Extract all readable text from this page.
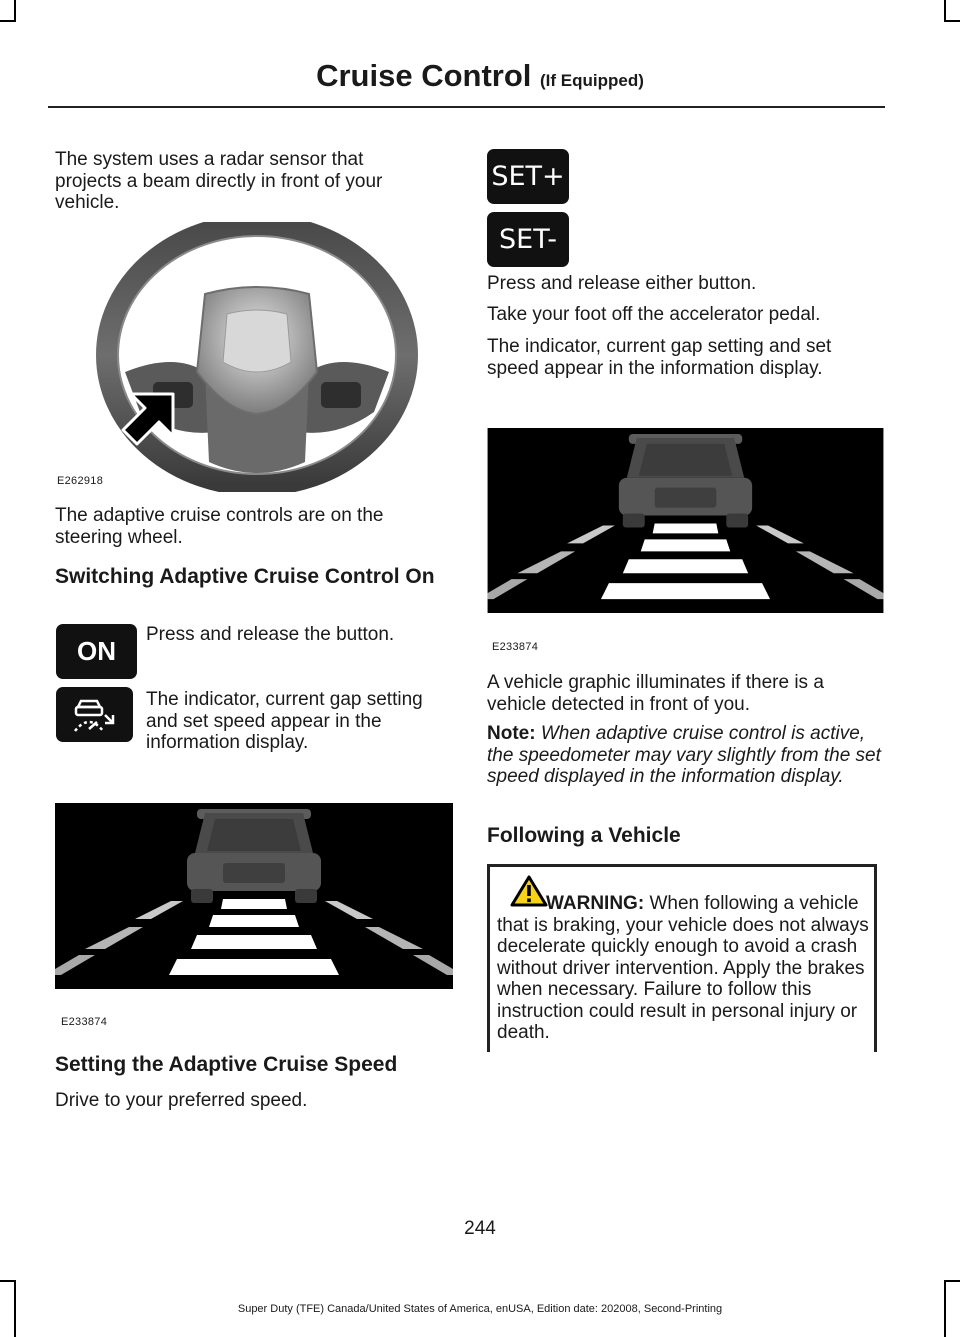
Cruise Control (If Equipped)

The system uses a radar sensor that projects a beam directly in front of your vehicle.

E262918

The adaptive cruise controls are on the steering wheel.

Switching Adaptive Cruise Control On
ON

Press and release the button.

The indicator, current gap setting and set speed appear in the information display.

E233874
Setting the Adaptive Cruise Speed

Drive to your preferred speed.

SET+
SET-

Press and release either button.

Take your foot off the accelerator pedal.

The indicator, current gap setting and set speed appear in the information display.

E233874

A vehicle graphic illuminates if there is a vehicle detected in front of you.

Note: When adaptive cruise control is active, the speedometer may vary slightly from the set speed displayed in the information display.

Following a Vehicle
WARNING: When following a vehicle that is braking, your vehicle does not always decelerate quickly enough to avoid a crash without driver intervention. Apply the brakes when necessary. Failure to follow this instruction could result in personal injury or death.
244
Super Duty (TFE) Canada/United States of America, enUSA, Edition date: 202008, Second-Printing
